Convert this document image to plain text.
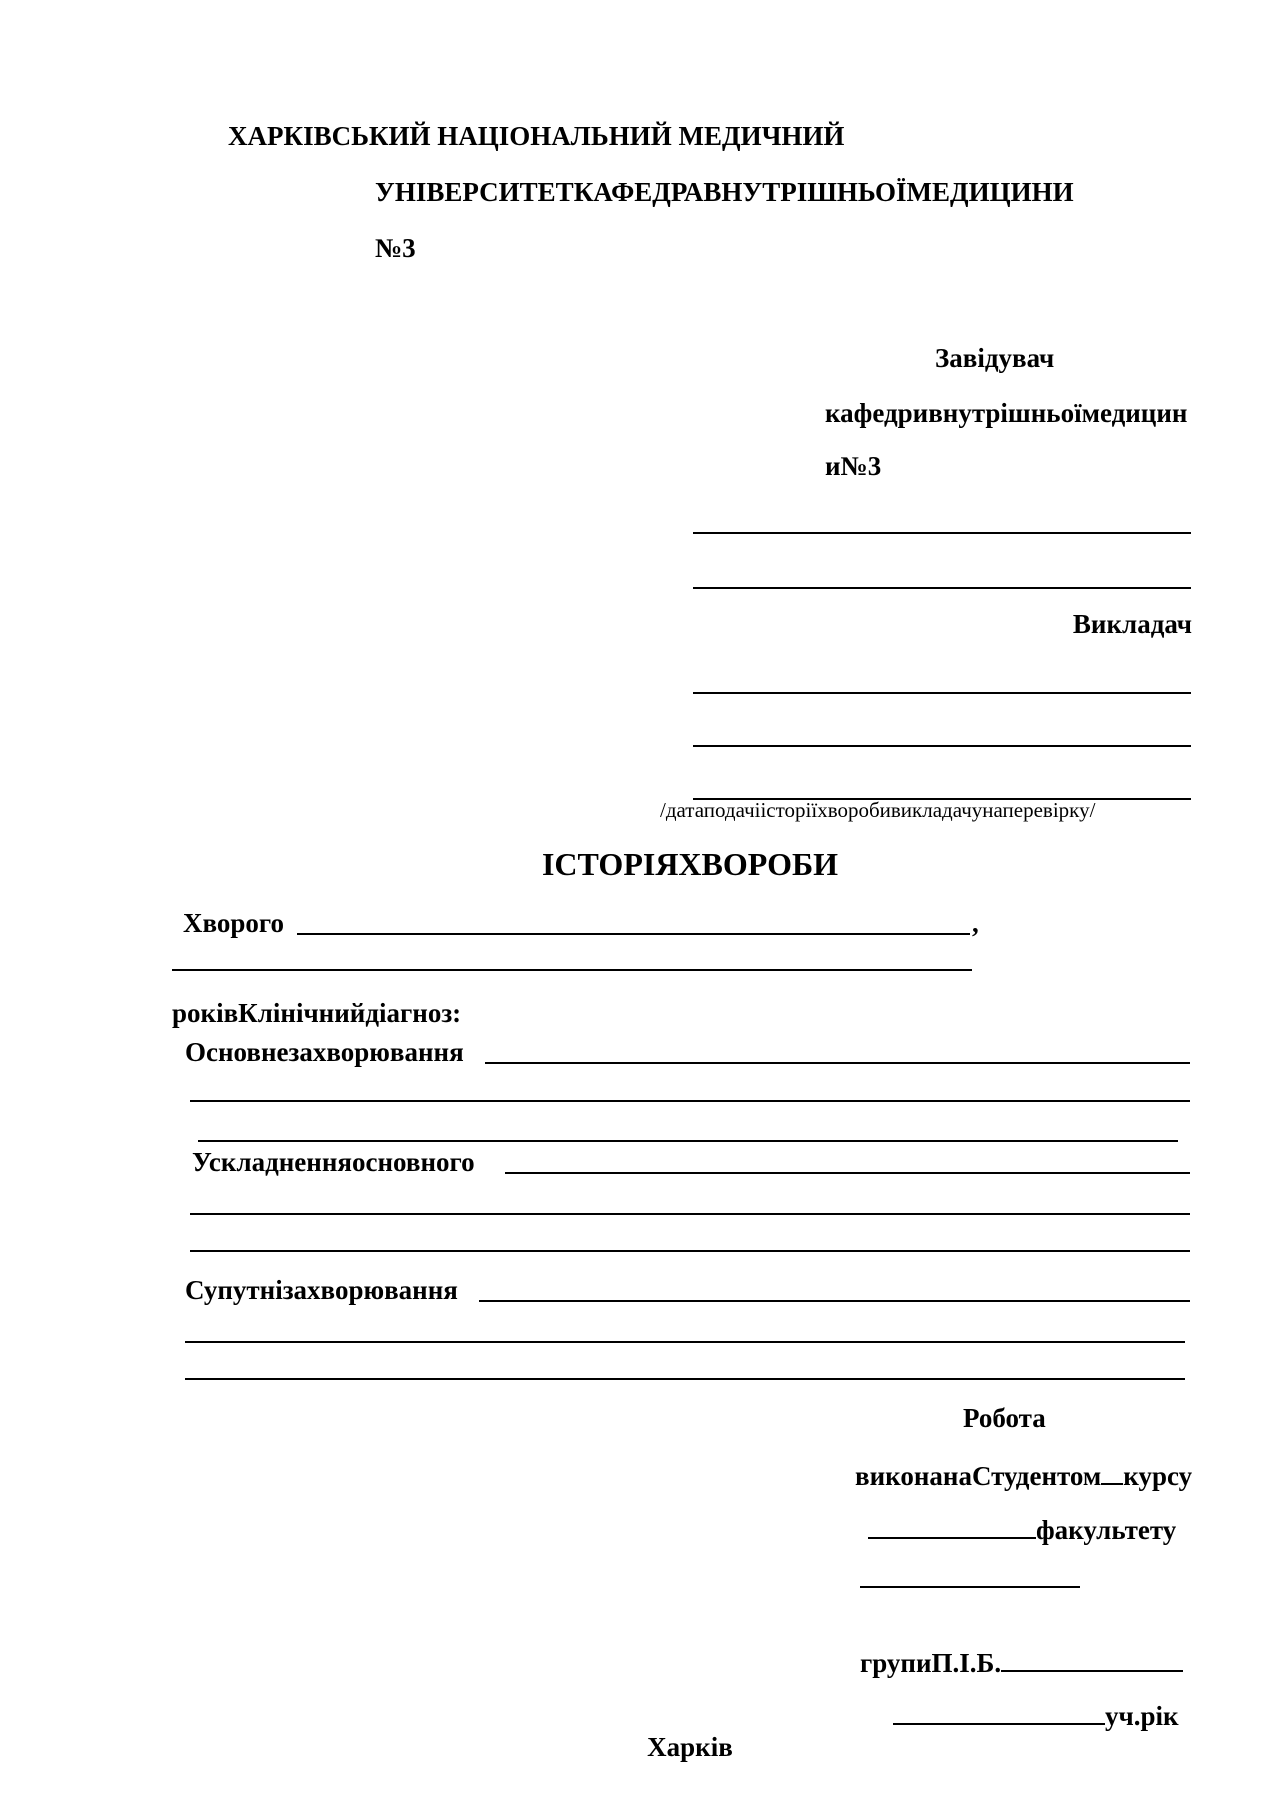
ХАРКІВСЬКИЙ НАЦІОНАЛЬНИЙ МЕДИЧНИЙ
УНІВЕРСИТЕТКАФЕДРАВНУТРІШНЬОЇМЕДИЦИНИ
№3
Завідувач
кафедривнутрішньоїмедицин
и№3
Викладач
/датаподачіісторіїхворобивикладачунаперевірку/
ІСТОРІЯХВОРОБИ
Хворого	,
роківКлінічнийдіагноз:
Основнезахворювання
Ускладненняосновного
Супутнізахворювання
Робота
виконанаСтудентом курсу
факультету
групиП.І.Б.
уч.рік
Харків
